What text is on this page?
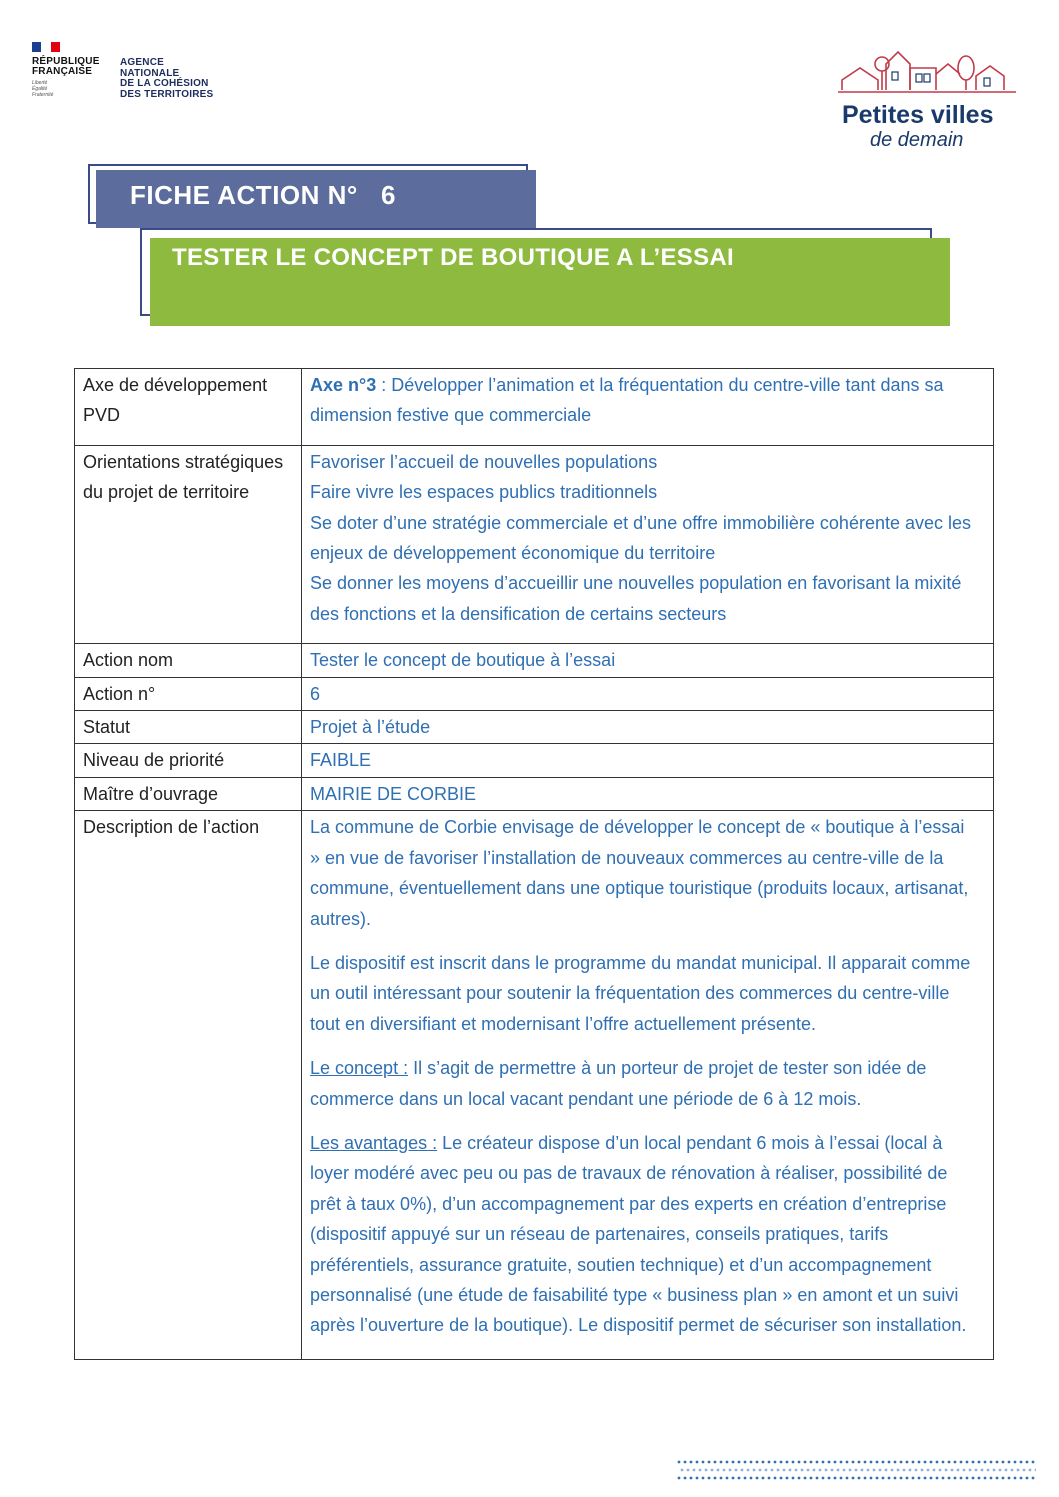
RÉPUBLIQUE
FRANÇAISE
Liberté
Égalité
Fraternité
AGENCE
NATIONALE
DE LA COHÉSION
DES TERRITOIRES
Petites villes
de demain
FICHE ACTION N°   6
TESTER LE CONCEPT DE BOUTIQUE A L’ESSAI
Axe de développement PVD	Axe n°3 : Développer l’animation et la fréquentation du centre-ville tant dans sa dimension festive que commerciale
Orientations stratégiques du projet de territoire	Favoriser l’accueil de nouvelles populations
Faire vivre les espaces publics traditionnels
Se doter d’une stratégie commerciale et d’une offre immobilière cohérente avec les enjeux de développement économique du territoire
Se donner les moyens d’accueillir une nouvelles population en favorisant la mixité des fonctions et la densification de certains secteurs

Action nom	Tester le concept de boutique à l’essai
Action n°	6
Statut	Projet à l’étude
Niveau de priorité	FAIBLE
Maître d’ouvrage	MAIRIE DE CORBIE
Description de l’action	La commune de Corbie envisage de développer le concept de « boutique à l’essai » en vue de favoriser l’installation de nouveaux commerces au centre-ville de la commune, éventuellement dans une optique touristique (produits locaux, artisanat, autres).

Le dispositif est inscrit dans le programme du mandat municipal. Il apparait comme un outil intéressant pour soutenir la fréquentation des commerces du centre-ville tout en diversifiant et modernisant l’offre actuellement présente.

Le concept : Il s’agit de permettre à un porteur de projet de tester son idée de commerce dans un local vacant pendant une période de 6 à 12 mois.

Les avantages : Le créateur dispose d’un local pendant 6 mois à l’essai (local à loyer modéré avec peu ou pas de travaux de rénovation à réaliser, possibilité de prêt à taux 0%), d’un accompagnement par des experts en création d’entreprise (dispositif appuyé sur un réseau de partenaires, conseils pratiques, tarifs préférentiels, assurance gratuite, soutien technique) et d’un accompagnement personnalisé (une étude de faisabilité type « business plan » en amont et un suivi après l’ouverture de la boutique). Le dispositif permet de sécuriser son installation.
